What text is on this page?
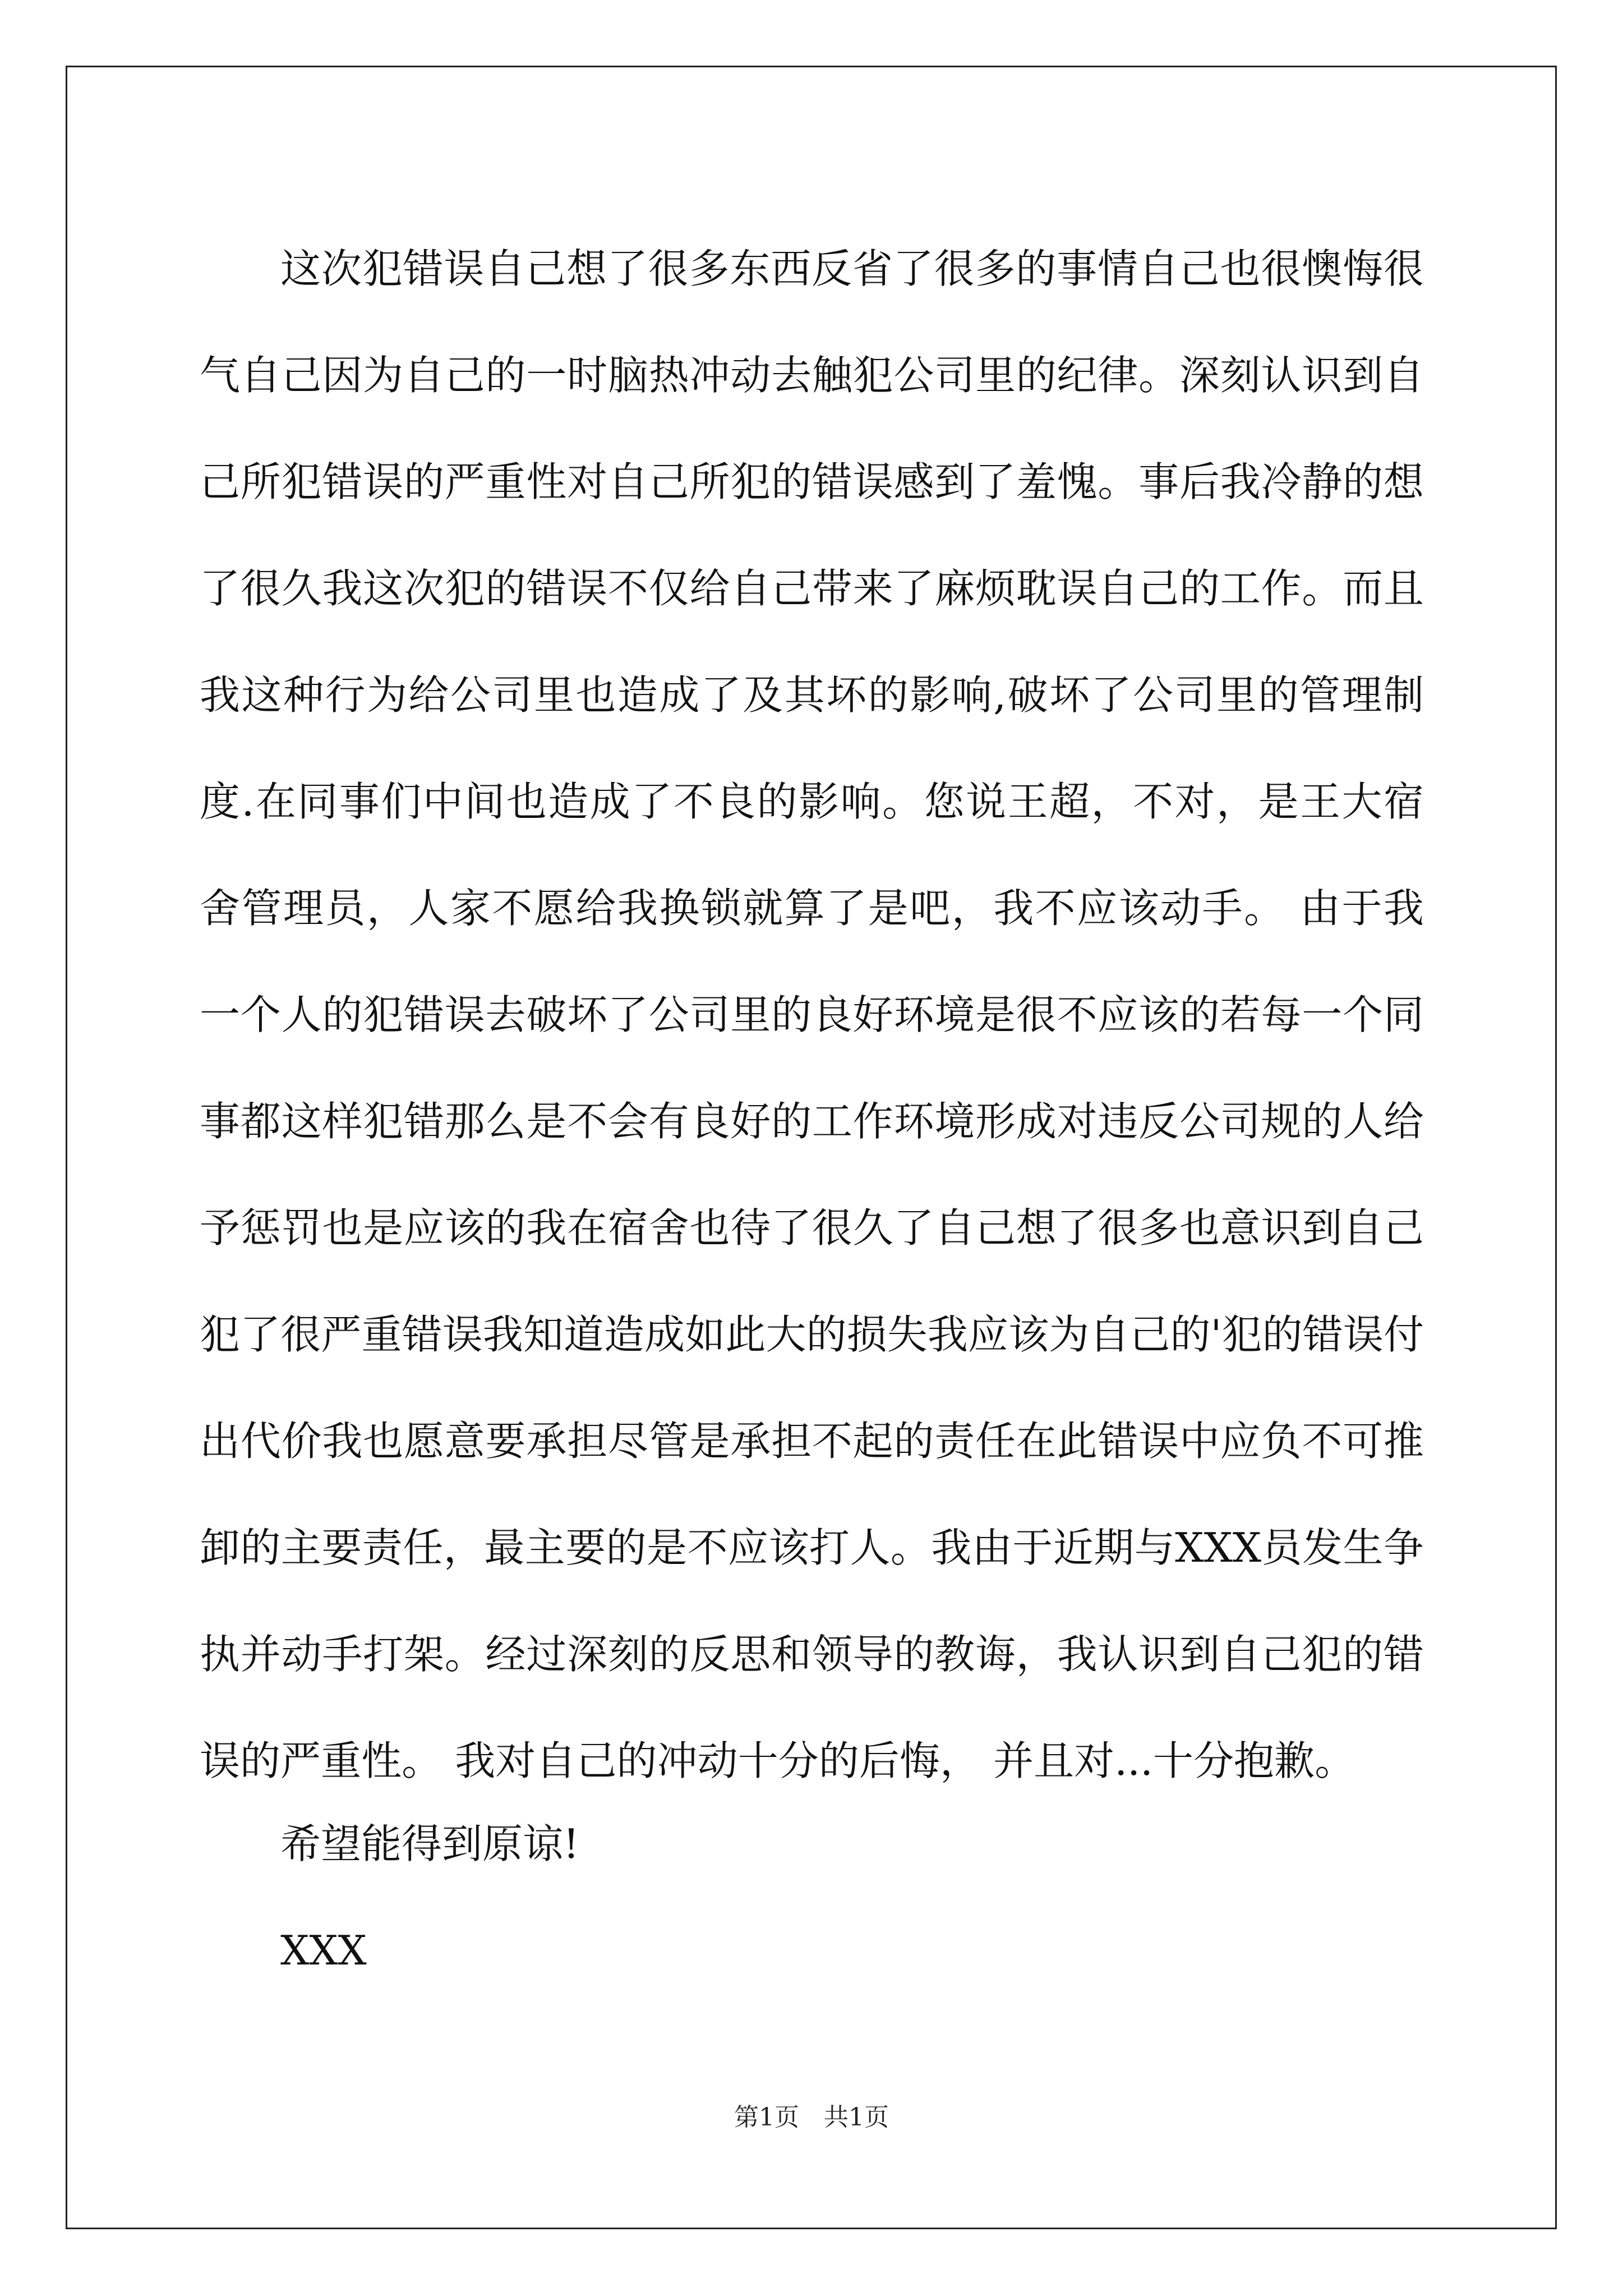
这次犯错误自己想了很多东西反省了很多的事情自己也很懊悔很气自己因为自己的一时脑热冲动去触犯公司里的纪律。深刻认识到自己所犯错误的严重性对自己所犯的错误感到了羞愧。事后我冷静的想了很久我这次犯的错误不仅给自己带来了麻烦耽误自己的工作。而且我这种行为给公司里也造成了及其坏的影响,破坏了公司里的管理制度.在同事们中间也造成了不良的影响。您说王超，不对，是王大宿舍管理员，人家不愿给我换锁就算了是吧，我不应该动手。 由于我一个人的犯错误去破坏了公司里的良好环境是很不应该的若每一个同事都这样犯错那么是不会有良好的工作环境形成对违反公司规的人给予惩罚也是应该的我在宿舍也待了很久了自己想了很多也意识到自己犯了很严重错误我知道造成如此大的损失我应该为自己的'犯的错误付出代价我也愿意要承担尽管是承担不起的责任在此错误中应负不可推卸的主要责任，最主要的是不应该打人。我由于近期与XXX员发生争执并动手打架。经过深刻的反思和领导的教诲，我认识到自己犯的错误的严重性。 我对自己的冲动十分的后悔， 并且对...十分抱歉。

希望能得到原谅!

XXX

第1页　共1页
